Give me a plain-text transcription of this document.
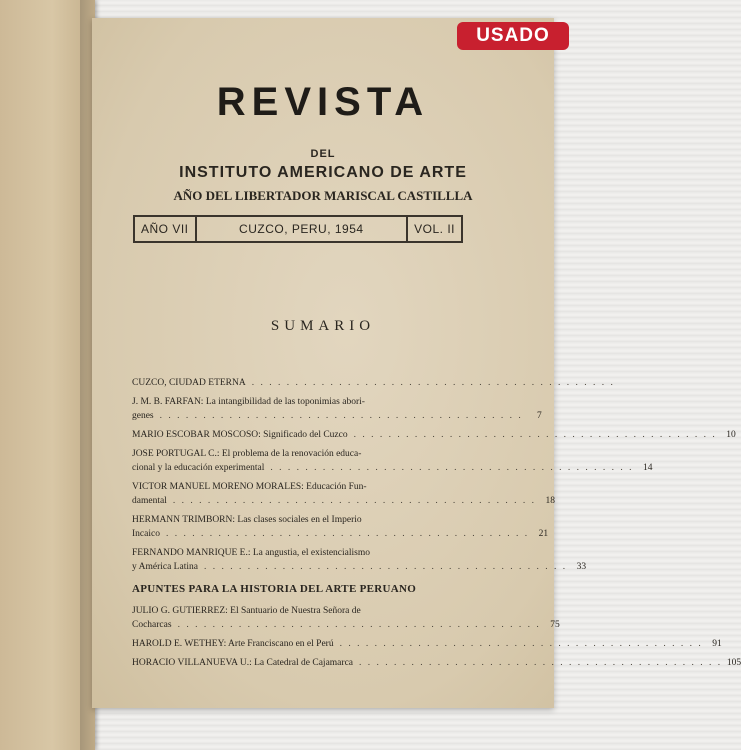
REVISTA
DEL
INSTITUTO AMERICANO DE ARTE
AÑO DEL LIBERTADOR MARISCAL CASTILLLA
AÑO VII	CUZCO, PERU, 1954	VOL. II
SUMARIO
CUZCO, CIUDAD ETERNA . . . . . . . . . . . . . . . . . . . . . . . . . . . . . . . . . . . . . . . . . .
J. M. B. FARFAN: La intangibilidad de las toponimias abori-
genes . . . . . . . . . . . . . . . . . . . . . . . . . . . . . . . . . . . . . . . . . .	7
MARIO ESCOBAR MOSCOSO: Significado del Cuzco . . . . . . . . . . . . . . . . . . . . . . . . . . . . . . . . . . . . . . . . . .	10
JOSE PORTUGAL C.: El problema de la renovación educa-
cional y la educación experimental . . . . . . . . . . . . . . . . . . . . . . . . . . . . . . . . . . . . . . . . . .	14
VICTOR MANUEL MORENO MORALES: Educación Fun-
damental . . . . . . . . . . . . . . . . . . . . . . . . . . . . . . . . . . . . . . . . . .	18
HERMANN TRIMBORN: Las clases sociales en el Imperio
Incaico . . . . . . . . . . . . . . . . . . . . . . . . . . . . . . . . . . . . . . . . . .	21
FERNANDO MANRIQUE E.: La angustia, el existencialismo
y América Latina . . . . . . . . . . . . . . . . . . . . . . . . . . . . . . . . . . . . . . . . . .	33
APUNTES PARA LA HISTORIA DEL ARTE PERUANO
JULIO G. GUTIERREZ: El Santuario de Nuestra Señora de
Cocharcas . . . . . . . . . . . . . . . . . . . . . . . . . . . . . . . . . . . . . . . . . .	75
HAROLD E. WETHEY: Arte Franciscano en el Perú . . . . . . . . . . . . . . . . . . . . . . . . . . . . . . . . . . . . . . . . . .	91
HORACIO VILLANUEVA U.: La Catedral de Cajamarca . . . . . . . . . . . . . . . . . . . . . . . . . . . . . . . . . . . . . . . . . . 105
USADO
